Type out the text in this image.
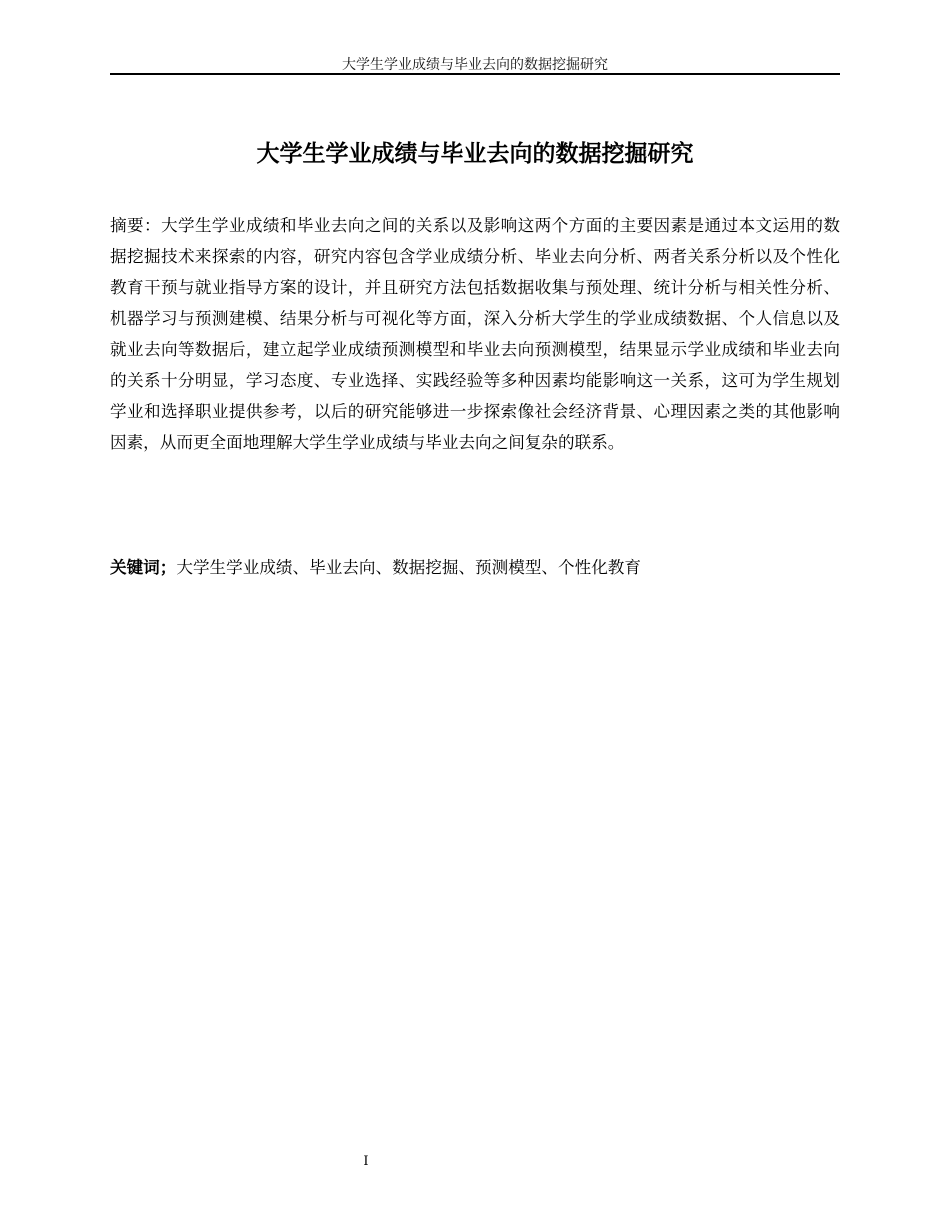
大学生学业成绩与毕业去向的数据挖掘研究
大学生学业成绩与毕业去向的数据挖掘研究

摘要：大学生学业成绩和毕业去向之间的关系以及影响这两个方面的主要因素是通过本文运用的数据挖掘技术来探索的内容，研究内容包含学业成绩分析、毕业去向分析、两者关系分析以及个性化教育干预与就业指导方案的设计，并且研究方法包括数据收集与预处理、统计分析与相关性分析、机器学习与预测建模、结果分析与可视化等方面，深入分析大学生的学业成绩数据、个人信息以及就业去向等数据后，建立起学业成绩预测模型和毕业去向预测模型，结果显示学业成绩和毕业去向的关系十分明显，学习态度、专业选择、实践经验等多种因素均能影响这一关系，这可为学生规划学业和选择职业提供参考，以后的研究能够进一步探索像社会经济背景、心理因素之类的其他影响因素，从而更全面地理解大学生学业成绩与毕业去向之间复杂的联系。

关键词；大学生学业成绩、毕业去向、数据挖掘、预测模型、个性化教育

I
